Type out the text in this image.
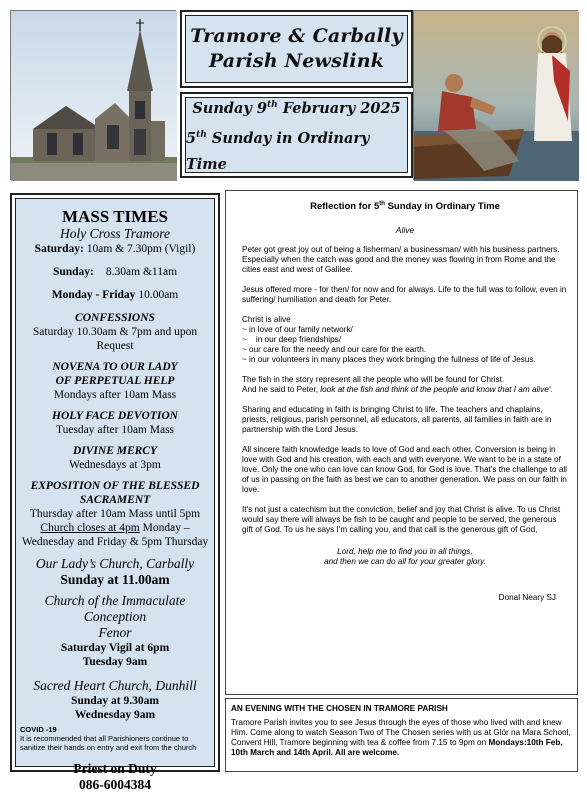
Tramore & Carbally
Parish Newslink
Sunday 9th February 2025
5th Sunday in Ordinary Time
MASS TIMES
Holy Cross Tramore
Saturday: 10am & 7.30pm (Vigil)
Sunday: 8.30am &11am
Monday - Friday 10.00am
CONFESSIONS
Saturday 10.30am & 7pm and upon
Request
NOVENA TO OUR LADY
OF PERPETUAL HELP
Mondays after 10am Mass
HOLY FACE DEVOTION
Tuesday after 10am Mass
DIVINE MERCY
Wednesdays at 3pm
EXPOSITION OF THE BLESSED
SACRAMENT
Thursday after 10am Mass until 5pm
Church closes at 4pm Monday –
Wednesday and Friday & 5pm Thursday
Our Lady’s Church, Carbally
Sunday at 11.00am
Church of the Immaculate Conception
Fenor
Saturday Vigil at 6pm
Tuesday 9am
Sacred Heart Church, Dunhill
Sunday at 9.30am
Wednesday 9am
COVID -19
It is recommended that all Parishioners continue to sanitize their hands on entry and exit from the church
Priest on Duty
086-6004384
Reflection for 5th Sunday in Ordinary Time
Alive
Peter got great joy out of being a fisherman/ a businessman/ with his business partners. Especially when the catch was good and the money was flowing in from Rome and the cities east and west of Galilee.
Jesus offered more - for then/ for now and for always. Life to the full was to follow, even in suffering/ humiliation and death for Peter.
Christ is alive
~ in love of our family network/
~    in our deep friendships/
~ our care for the needy and our care for the earth.
~ in our volunteers in many places they work bringing the fullness of life of Jesus.
The fish in the story represent all the people who will be found for Christ.
And he said to Peter, look at the fish and think of the people and know that I am alive'.
Sharing and educating in faith is bringing Christ to life. The teachers and chaplains, priests, religious, parish personnel, all educators, all parents, all families in faith are in partnership with the Lord Jesus.
All sincere faith knowledge leads to love of God and each other. Conversion is being in love with God and his creation, with each and with everyone. We want to be in a state of love. Only the one who can love can know God, for God is love. That's the challenge to all of us in passing on the faith as best we can to another generation. We pass on our faith in love.
It's not just a catechism but the conviction, belief and joy that Christ is alive. To us Christ would say there will always be fish to be caught and people to be served, the generous gift of God. To us he says I'm calling you, and that call is the generous gift of God,
Lord, help me to find you in all things,
and then we can do all for your greater glory.
Donal Neary SJ
AN EVENING WITH THE CHOSEN IN TRAMORE PARISH
Tramore Parish invites you to see Jesus through the eyes of those who lived with and knew Him. Come along to watch Season Two of The Chosen series with us at Glór na Mara School, Convent Hill, Tramore beginning with tea & coffee from 7.15 to 9pm on Mondays:10th Feb, 10th March and 14th April. All are welcome.
